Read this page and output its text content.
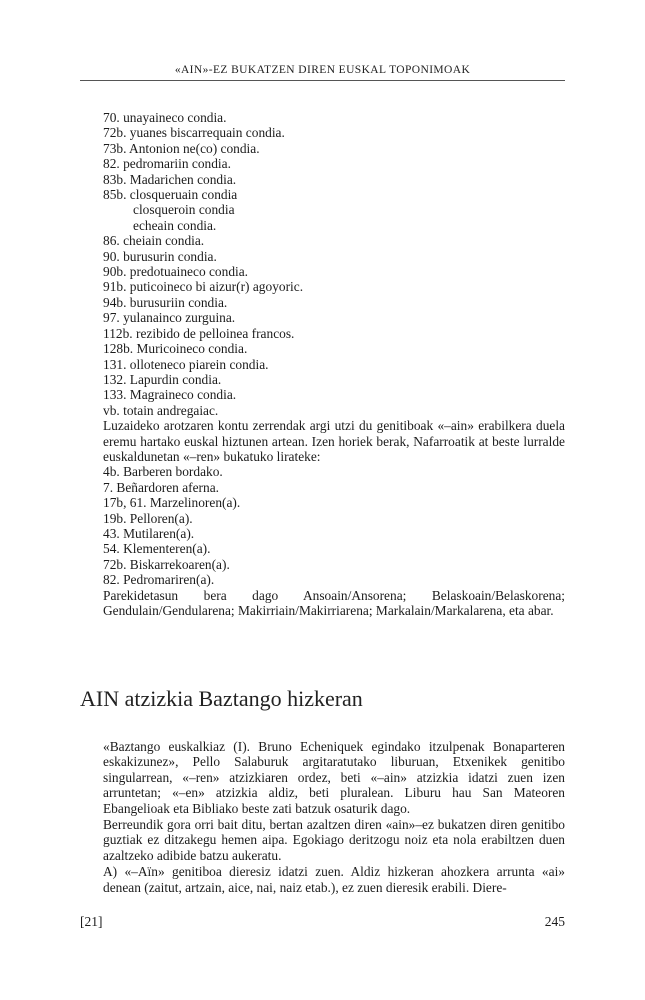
«AIN»-EZ BUKATZEN DIREN EUSKAL TOPONIMOAK
70. unayaineco condia.
72b. yuanes biscarrequain condia.
73b. Antonion ne(co) condia.
82. pedromariin condia.
83b. Madarichen condia.
85b. closqueruain condia
closqueroin condia
echeain condia.
86. cheiain condia.
90. burusurin condia.
90b. predotuaineco condia.
91b. puticoineco bi aizur(r) agoyoric.
94b. burusuriin condia.
97. yulanainco zurguina.
112b. rezibido de pelloinea francos.
128b. Muricoineco condia.
131. olloteneco piarein condia.
132. Lapurdin condia.
133. Magraineco condia.
vb. totain andregaiac.

Luzaideko arotzaren kontu zerrendak argi utzi du genitiboak «–ain» erabilkera duela eremu hartako euskal hiztunen artean. Izen horiek berak, Nafarroatik at beste lurralde euskaldunetan «–ren» bukatuko lirateke:

4b. Barberen bordako.
7. Beñardoren aferna.
17b, 61. Marzelinoren(a).
19b. Pelloren(a).
43. Mutilaren(a).
54. Klementeren(a).
72b. Biskarrekoaren(a).
82. Pedromariren(a).

Parekidetasun bera dago Ansoain/Ansorena; Belaskoain/Belaskorena; Gendulain/Gendularena; Makirriain/Makirriarena; Markalain/Markalarena, eta abar.

AIN atzizkia Baztango hizkeran

«Baztango euskalkiaz (I). Bruno Echeniquek egindako itzulpenak Bonaparteren eskakizunez», Pello Salaburuk argitaratutako liburuan, Etxenikek genitibo singularrean, «–ren» atzizkiaren ordez, beti «–ain» atzizkia idatzi zuen izen arruntetan; «–en» atzizkia aldiz, beti pluralean. Liburu hau San Mateoren Ebangelioak eta Bibliako beste zati batzuk osaturik dago.

Berreundik gora orri bait ditu, bertan azaltzen diren «ain»–ez bukatzen diren genitibo guztiak ez ditzakegu hemen aipa. Egokiago deritzogu noiz eta nola erabiltzen duen azaltzeko adibide batzu aukeratu.

A) «–Aïn» genitiboa dieresiz idatzi zuen. Aldiz hizkeran ahozkera arrunta «ai» denean (zaitut, artzain, aice, nai, naiz etab.), ez zuen dieresik erabili. Diere-

[21]	245
